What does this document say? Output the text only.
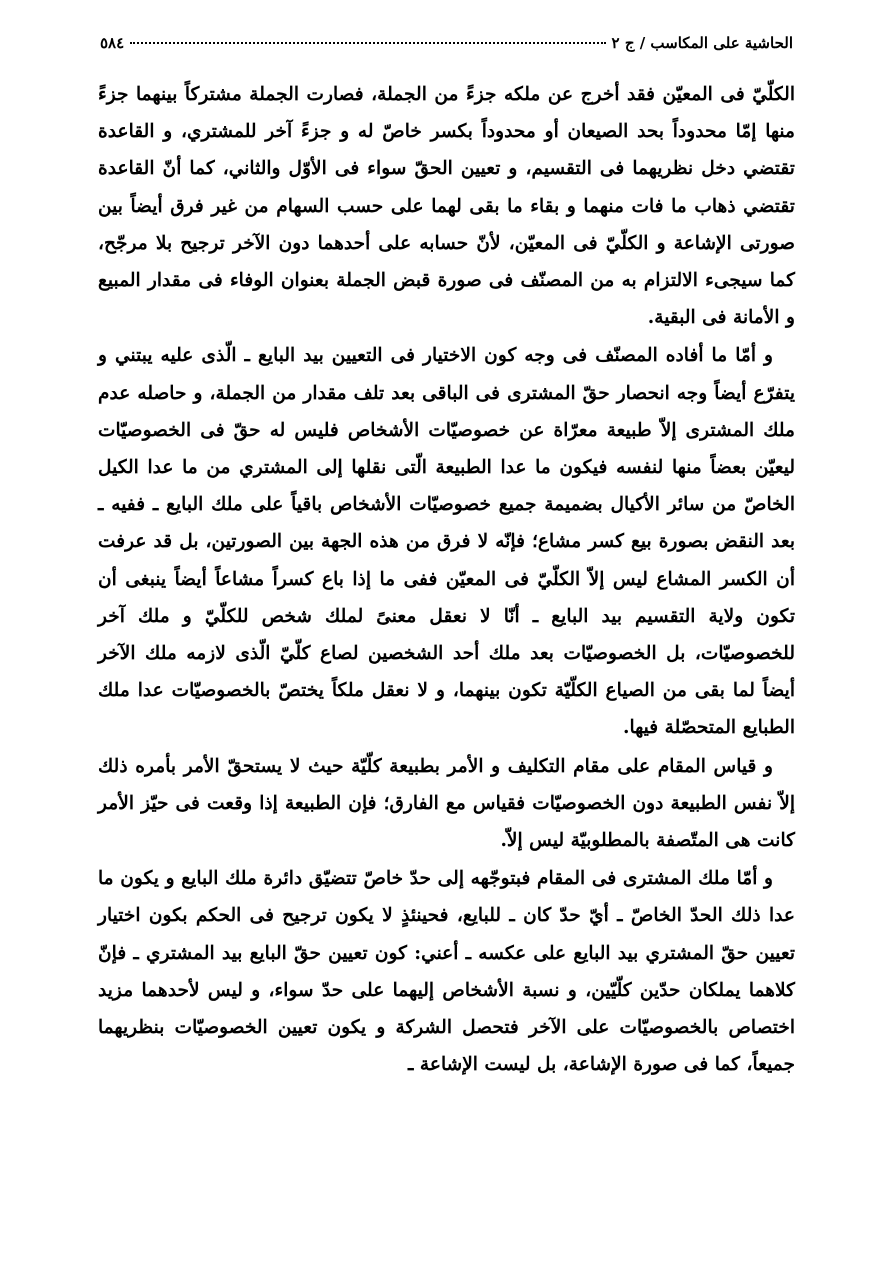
الحاشية على المكاسب / ج ٢
٥٨٤

الكلّيّ فى المعيّن فقد أخرج عن ملكه جزءً من الجملة، فصارت الجملة مشتركاً بينهما جزءً منها إمّا محدوداً بحد الصيعان أو محدوداً بكسر خاصّ له و جزءً آخر للمشتري، و القاعدة تقتضي دخل نظريهما فى التقسيم، و تعيين الحقّ سواء فى الأوّل والثاني، كما أنّ القاعدة تقتضي ذهاب ما فات منهما و بقاء ما بقى لهما على حسب السهام من غير فرق أيضاً بين صورتى الإشاعة و الكلّيّ فى المعيّن، لأنّ حسابه على أحدهما دون الآخر ترجيح بلا مرجّح، كما سيجىء الالتزام به من المصنّف فى صورة قبض الجملة بعنوان الوفاء فى مقدار المبيع و الأمانة فى البقية.

و أمّا ما أفاده المصنّف فى وجه كون الاختيار فى التعيين بيد البايع ـ الّذى عليه يبتني و يتفرّع أيضاً وجه انحصار حقّ المشترى فى الباقى بعد تلف مقدار من الجملة، و حاصله عدم ملك المشترى إلاّ طبيعة معرّاة عن خصوصيّات الأشخاص فليس له حقّ فى الخصوصيّات ليعيّن بعضاً منها لنفسه فيكون ما عدا الطبيعة الّتى نقلها إلى المشتري من ما عدا الكيل الخاصّ من سائر الأكيال بضميمة جميع خصوصيّات الأشخاص باقياً على ملك البايع ـ ففيه ـ بعد النقض بصورة بيع كسر مشاع؛ فإنّه لا فرق من هذه الجهة بين الصورتين، بل قد عرفت أن الكسر المشاع ليس إلاّ الكلّيّ فى المعيّن ففى ما إذا باع كسراً مشاعاً أيضاً ينبغى أن تكون ولاية التقسيم بيد البايع ـ أنّا لا نعقل معنىً لملك شخص للكلّيّ و ملك آخر للخصوصيّات، بل الخصوصيّات بعد ملك أحد الشخصين لصاع كلّيّ الّذى لازمه ملك الآخر أيضاً لما بقى من الصياع الكلّيّة تكون بينهما، و لا نعقل ملكاً يختصّ بالخصوصيّات عدا ملك الطبايع المتحصّلة فيها.

و قياس المقام على مقام التكليف و الأمر بطبيعة كلّيّة حيث لا يستحقّ الأمر بأمره ذلك إلاّ نفس الطبيعة دون الخصوصيّات فقياس مع الفارق؛ فإن الطبيعة إذا وقعت فى حيّز الأمر كانت هى المتّصفة بالمطلوبيّة ليس إلاّ.

و أمّا ملك المشترى فى المقام فبتوجّهه إلى حدّ خاصّ تتضيّق دائرة ملك البايع و يكون ما عدا ذلك الحدّ الخاصّ ـ أيّ حدّ كان ـ للبايع، فحينئذٍ لا يكون ترجيح فى الحكم بكون اختيار تعيين حقّ المشتري بيد البايع على عكسه ـ أعني: كون تعيين حقّ البايع بيد المشتري ـ فإنّ كلاهما يملكان حدّين كلّيّين، و نسبة الأشخاص إليهما على حدّ سواء، و ليس لأحدهما مزيد اختصاص بالخصوصيّات على الآخر فتحصل الشركة و يكون تعيين الخصوصيّات بنظريهما جميعاً، كما فى صورة الإشاعة، بل ليست الإشاعة ـ
